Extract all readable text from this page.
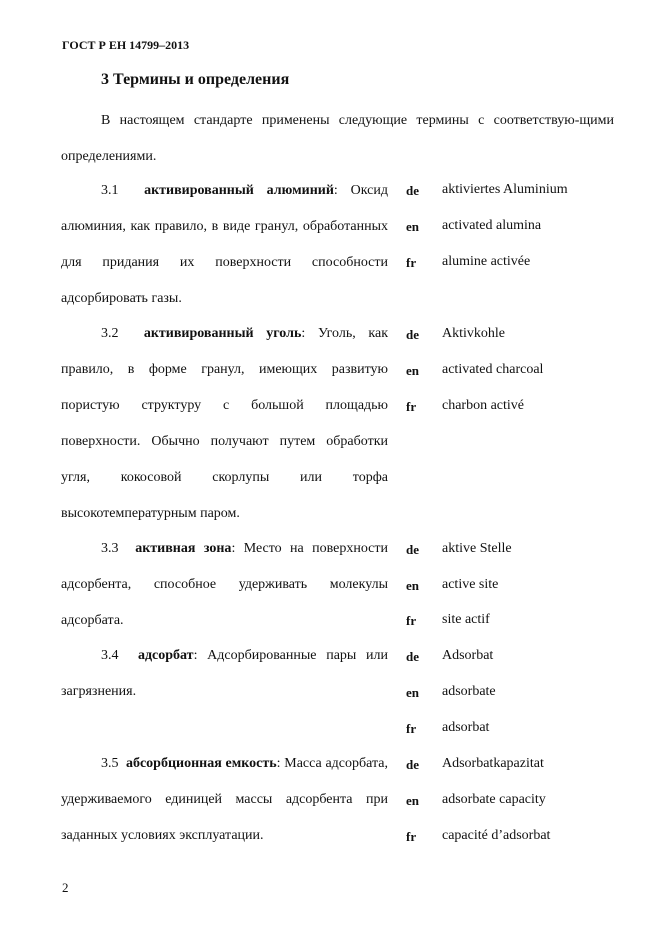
ГОСТ Р ЕН 14799–2013
3 Термины и определения
В настоящем стандарте применены следующие термины с соответствую-щими определениями.
3.1 активированный алюминий: Оксид алюминия, как правило, в виде гранул, обработанных для придания их поверхности способности адсорбировать газы.
de aktiviertes Aluminium
en activated alumina
fr alumine activée
3.2 активированный уголь: Уголь, как правило, в форме гранул, имеющих развитую пористую структуру с большой площадью поверхности. Обычно получают путем обработки угля, кокосовой скорлупы или торфа высокотемпературным паром.
de Aktivkohle
en activated charcoal
fr charbon activé
3.3 активная зона: Место на поверхности адсорбента, способное удерживать молекулы адсорбата.
de aktive Stelle
en active site
fr site actif
3.4 адсорбат: Адсорбированные пары или загрязнения.
de Adsorbat
en adsorbate
fr adsorbat
3.5 абсорбционная емкость: Масса адсорбата, удерживаемого единицей массы адсорбента при заданных условиях эксплуатации.
de Adsorbatkapazitat
en adsorbate capacity
fr capacité d’adsorbat
2
